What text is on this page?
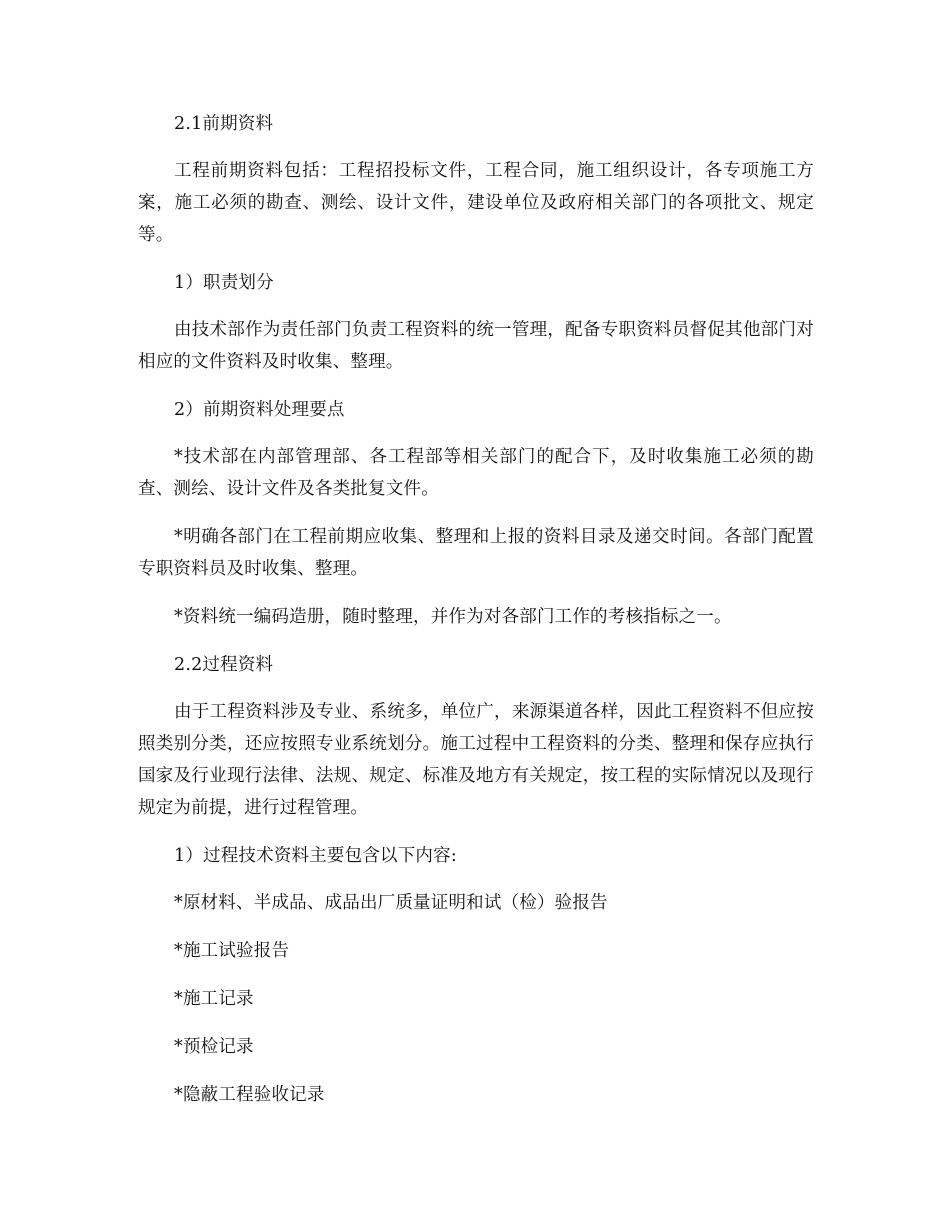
2.1前期资料

工程前期资料包括：工程招投标文件，工程合同，施工组织设计，各专项施工方案，施工必须的勘查、测绘、设计文件，建设单位及政府相关部门的各项批文、规定等。

1）职责划分

由技术部作为责任部门负责工程资料的统一管理，配备专职资料员督促其他部门对相应的文件资料及时收集、整理。

2）前期资料处理要点

*技术部在内部管理部、各工程部等相关部门的配合下，及时收集施工必须的勘查、测绘、设计文件及各类批复文件。

*明确各部门在工程前期应收集、整理和上报的资料目录及递交时间。各部门配置专职资料员及时收集、整理。

*资料统一编码造册，随时整理，并作为对各部门工作的考核指标之一。

2.2过程资料

由于工程资料涉及专业、系统多，单位广，来源渠道各样，因此工程资料不但应按照类别分类，还应按照专业系统划分。施工过程中工程资料的分类、整理和保存应执行国家及行业现行法律、法规、规定、标准及地方有关规定，按工程的实际情况以及现行规定为前提，进行过程管理。

1）过程技术资料主要包含以下内容:

*原材料、半成品、成品出厂质量证明和试（检）验报告

*施工试验报告

*施工记录

*预检记录

*隐蔽工程验收记录
